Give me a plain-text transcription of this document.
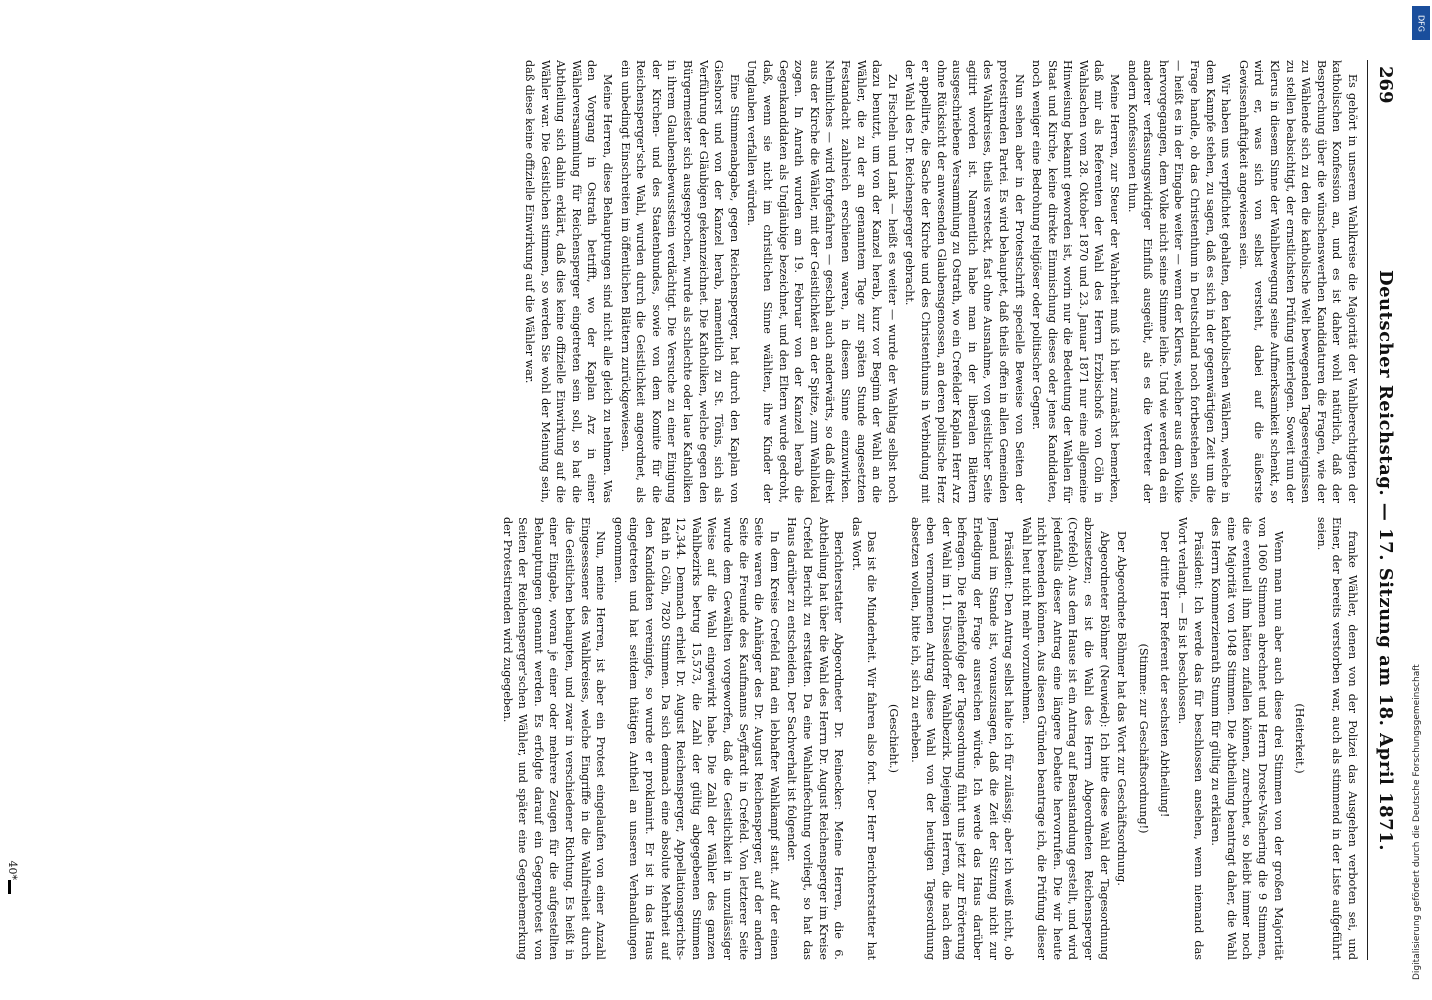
269
Deutscher Reichstag. — 17. Sitzung am 18. April 1871.

franke Wähler, denen von der Polizei das Ausgehen verboten sei, und Einer, der bereits verstorben war, auch als stimmend in der Liste aufgeführt seien.

(Heiterkeit.)

Wenn man nun aber auch diese drei Stimmen von der großen Majorität von 1060 Stimmen abrechnet und Herrn Droste-Vischering die 9 Stimmen, die eventuell ihm hätten zufallen können, zurechnet, so bleibt immer noch eine Majorität von 1048 Stimmen. Die Abtheilung beantragt daher, die Wahl des Herrn Kommerzienrath Stumm für gültig zu erklären.

Präsident: Ich werde das für beschlossen ansehen, wenn niemand das Wort verlangt. — Es ist beschlossen.

Der dritte Herr Referent der sechsten Abtheilung!

(Stimme: zur Geschäftsordnung!)

Der Abgeordnete Böhmer hat das Wort zur Geschäftsordnung.

Abgeordneter Böhmer (Neuwied): Ich bitte diese Wahl der Tagesordnung abzusetzen; es ist die Wahl des Herrn Abgeordneten Reichensperger (Crefeld). Aus dem Hause ist ein Antrag auf Beanstandung gestellt, und wird jedenfalls dieser Antrag eine längere Debatte hervorrufen. Die wir heute nicht beenden können. Aus diesen Gründen beantrage ich, die Prüfung dieser Wahl heut nicht mehr vorzunehmen.

Präsident: Den Antrag selbst halte ich für zulässig; aber ich weiß nicht, ob Jemand im Stande ist, vorauszusagen, daß die Zeit der Sitzung nicht zur Erledigung der Frage ausreichen würde. Ich werde das Haus darüber befragen. Die Reihenfolge der Tagesordnung führt uns jetzt zur Erörterung der Wahl im 11. Düsseldorfer Wahlbezirk. Diejenigen Herren, die nach dem eben vernommenen Antrag diese Wahl von der heutigen Tagesordnung absetzen wollen, bitte ich, sich zu erheben.

(Geschieht.)

Das ist die Minderheit. Wir fahren also fort. Der Herr Berichterstatter hat das Wort.

Berichterstatter Abgeordneter Dr. Reinecker: Meine Herren, die 6. Abtheilung hat über die Wahl des Herrn Dr. August Reichensperger im Kreise Crefeld Bericht zu erstatten. Da eine Wahlanfechtung vorliegt, so hat das Haus darüber zu entscheiden. Der Sachverhalt ist folgender.

In dem Kreise Crefeld fand ein lebhafter Wahlkampf statt. Auf der einen Seite waren die Anhänger des Dr. August Reichensperger, auf der andern Seite die Freunde des Kaufmanns Seyffardt in Crefeld. Von letzterer Seite wurde dem Gewählten vorgeworfen, daß die Geistlichkeit in unzulässiger Weise auf die Wahl eingewirkt habe. Die Zahl der Wähler des ganzen Wahlbezirks betrug 15,573, die Zahl der gültig abgegebenen Stimmen 12,344. Demnach erhielt Dr. August Reichensperger, Appellationsgerichts-Rath in Cöln, 7820 Stimmen. Da sich demnach eine absolute Mehrheit auf den Kandidaten vereinigte, so wurde er proklamirt. Er ist in das Haus eingetreten und hat seitdem thätigen Antheil an unseren Verhandlungen genommen.

Nun, meine Herren, ist aber ein Protest eingelaufen von einer Anzahl Eingesessener des Wahlkreises, welche Eingriffe in die Wahlfreiheit durch die Geistlichen behaupten, und zwar in verschiedener Richtung. Es heißt in einer Eingabe, woran je einer oder mehrere Zeugen für die aufgestellten Behauptungen genannt werden. Es erfolgte darauf ein Gegenprotest von Seiten der Reichensperger'schen Wähler, und später eine Gegenbemerkung der Protestirenden wird zugegeben.

Es gehört in unserem Wahlkreise die Majorität der Wahlberechtigten der katholischen Konfession an, und es ist daher wohl natürlich, daß der Besprechung über die wünschenswerthen Kandidaturen die Fragen, wie der zu Wählende sich zu den die katholische Welt bewegenden Tagesereignissen zu stellen beabsichtigt, der ernstlichsten Prüfung unterlegen. Soweit nun der Klerus in diesem Sinne der Wahlbewegung seine Aufmerksamkeit schenkt, so wird er, was sich von selbst versteht, dabei auf die äußerste Gewissenhaftigkeit angewiesen sein.

Wir haben uns verpflichtet gehalten, den katholischen Wählern, welche in dem Kampfe stehen, zu sagen, daß es sich in der gegenwärtigen Zeit um die Frage handle, ob das Christenthum in Deutschland noch fortbestehen solle, — heißt es in der Eingabe weiter — wenn der Klerus, welcher aus dem Volke hervorgegangen, dem Volke nicht seine Stimme leihe. Und wie werden da ein anderer verfassungswidriger Einfluß ausgeübt, als es die Vertreter der andern Konfessionen thun.

Meine Herren, zur Steuer der Wahrheit muß ich hier zunächst bemerken, daß mir als Referenten der Wahl des Herrn Erzbischofs von Cöln in Wahlsachen vom 28. Oktober 1870 und 23. Januar 1871 nur eine allgemeine Hinweisung bekannt geworden ist, worin nur die Bedeutung der Wahlen für Staat und Kirche, keine direkte Einmischung dieses oder jenes Kandidaten, noch weniger eine Bedrohung religiöser oder politischer Gegner.

Nun sehen aber in der Protestschrift specielle Beweise von Seiten der protestirenden Partei. Es wird behauptet, daß theils offen in allen Gemeinden des Wahlkreises, theils versteckt, fast ohne Ausnahme, von geistlicher Seite agitirt worden ist. Namentlich habe man in der liberalen Blättern ausgeschriebene Versammlung zu Ostrath, wo ein Crefelder Kaplan Herr Arz ohne Rücksicht der anwesenden Glaubensgenossen, an deren politische Herz er appellirte, die Sache der Kirche und des Christenthums in Verbindung mit der Wahl des Dr. Reichensperger gebracht.

Zu Fischeln und Lank — heißt es weiter — wurde der Wahltag selbst noch dazu benutzt, um von der Kanzel herab, kurz vor Beginn der Wahl an die Wähler, die zu der an genanntem Tage zur späten Stunde angesetzten Festandacht zahlreich erschienen waren, in diesem Sinne einzuwirken. Nehmliches — wird fortgefahren — geschah auch anderwärts, so daß direkt aus der Kirche die Wähler, mit der Geistlichkeit an der Spitze, zum Wahllokal zogen. In Anrath wurden am 19. Februar von der Kanzel herab die Gegenkandidaten als Ungläubige bezeichnet, und den Eltern wurde gedroht, daß, wenn sie nicht im christlichen Sinne wählten, ihre Kinder der Unglauben verfallen würden.

Eine Stimmenabgabe, gegen Reichensperger, hat durch den Kaplan von Gieshorst und von der Kanzel herab, namentlich zu St. Tönis, sich als Verführung der Gläubigen gekennzeichnet. Die Katholiken, welche gegen den Bürgermeister sich ausgesprochen, wurde als schlechte oder laue Katholiken in ihrem Glaubensbewusstsein verdächtigt. Die Versuche zu einer Einigung der Kirchen- und des Staatenbundes, sowie von dem Komite für die Reichensperger'sche Wahl, wurden durch die Geistlichkeit angeordnet, als ein unbedingt Einschreiten im öffentlichen Blättern zurückgewiesen.

Meine Herren, diese Behauptungen sind nicht alle gleich zu nehmen. Was den Vorgang in Ostrath betrifft, wo der Kaplan Arz in einer Wählerversammlung für Reichensperger eingetreten sein soll, so hat die Abtheilung sich dahin erklärt, daß dies keine offizielle Einwirkung auf die Wähler war. Die Geistlichen stimmen, so werden Sie wohl der Meinung sein, daß diese keine offizielle Einwirkung auf die Wähler war.

40*
DFG
Digitalisierung gefördert durch die Deutsche Forschungsgemeinschaft
